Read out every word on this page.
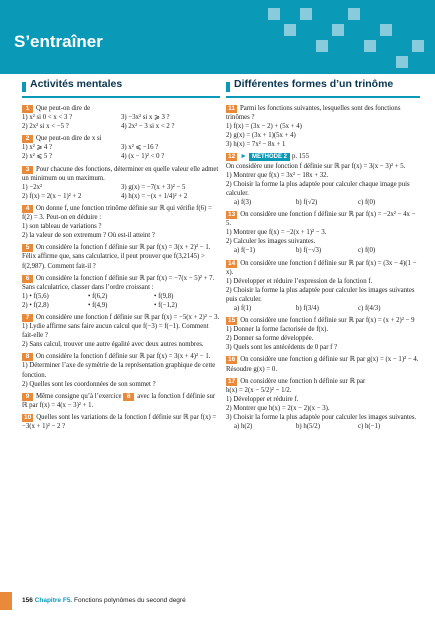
S’entraîner
Activités mentales	Différentes formes d’un trinôme
1 Que peut-on dire de
1) x² si 0 < x < 3 ?	3) −3x² si x ⩾ 3 ?
2) 2x² si x < −5 ?	4) 2x² − 3 si x < 2 ?
2 Que peut-on dire de x si
1) x² ⩾ 4 ?	3) x² ⩽ −16 ?
2) x² ⩽ 5 ?	4) (x − 1)² < 0 ?
3 Pour chacune des fonctions, déterminer en quelle valeur elle admet un minimum ou un maximum.
1) −2x²	3) g(x) = −7(x + 3)² − 5
2) f(x) = 2(x − 1)² + 2	4) h(x) = −(x + 1/4)² + 2
4 On donne f, une fonction trinôme définie sur ℝ qui vérifie f(6) = f(2) = 3. Peut-on en déduire :
1) son tableau de variations ?
2) la valeur de son extremum ? Où est-il atteint ?
5 On considère la fonction f définie sur ℝ par f(x) = 3(x + 2)² − 1.
Félix affirme que, sans calculatrice, il peut prouver que f(3,2145) > f(2,987). Comment fait-il ?
6 On considère la fonction f définie sur ℝ par f(x) = −7(x − 5)² + 7. Sans calculatrice, classer dans l’ordre croissant :
1) • f(5,6)	• f(6,2)	• f(9,8)
2) • f(2,8)	• f(4,9)	• f(−1,2)
7 On considère une fonction f définie sur ℝ par f(x) = −5(x + 2)² − 3.
1) Lydie affirme sans faire aucun calcul que f(−3) = f(−1). Comment fait-elle ?
2) Sans calcul, trouver une autre égalité avec deux autres nombres.
8 On considère la fonction f définie sur ℝ par f(x) = 3(x + 4)² − 1.
1) Déterminer l’axe de symétrie de la représentation graphique de cette fonction.
2) Quelles sont les coordonnées de son sommet ?
9 Même consigne qu’à l’exercice 8 avec la fonction f définie sur ℝ par f(x) = 4(x − 3)² + 1.
10 Quelles sont les variations de la fonction f définie sur ℝ par f(x) = −3(x + 1)² − 2 ?
11 Parmi les fonctions suivantes, lesquelles sont des fonctions trinômes ?
1) f(x) = (3x − 2) + (5x + 4)
2) g(x) = (3x + 1)(5x + 4)
3) h(x) = 7x² − 8x + 1
12 ► MÉTHODE 2 p. 155
On considère une fonction f définie sur ℝ par f(x) = 3(x − 3)² + 5.
1) Montrer que f(x) = 3x² − 18x + 32.
2) Choisir la forme la plus adaptée pour calculer chaque image puis calculer.
a) f(3)	b) f(√2)	c) f(0)
13 On considère une fonction f définie sur ℝ par f(x) = −2x² − 4x − 5.
1) Montrer que f(x) = −2(x + 1)² − 3.
2) Calculer les images suivantes.
a) f(−1)	b) f(−√3)	c) f(0)
14 On considère une fonction f définie sur ℝ par f(x) = (3x − 4)(1 − x).
1) Développer et réduire l’expression de la fonction f.
2) Choisir la forme la plus adaptée pour calculer les images suivantes puis calculer.
a) f(1)	b) f(3/4)	c) f(4/3)
15 On considère une fonction f définie sur ℝ par f(x) = (x + 2)² − 9
1) Donner la forme factorisée de f(x).
2) Donner sa forme développée.
3) Quels sont les antécédents de 0 par f ?
16 On considère une fonction g définie sur ℝ par g(x) = (x − 1)² − 4. Résoudre g(x) = 0.
17 On considère une fonction h définie sur ℝ par
h(x) = 2(x − 5/2)² − 1/2.
1) Développer et réduire f.
2) Montrer que h(x) = 2(x − 2)(x − 3).
3) Choisir la forme la plus adaptée pour calculer les images suivantes.
a) h(2)	b) h(5/2)	c) h(−1)
156 Chapitre F5. Fonctions polynômes du second degré
